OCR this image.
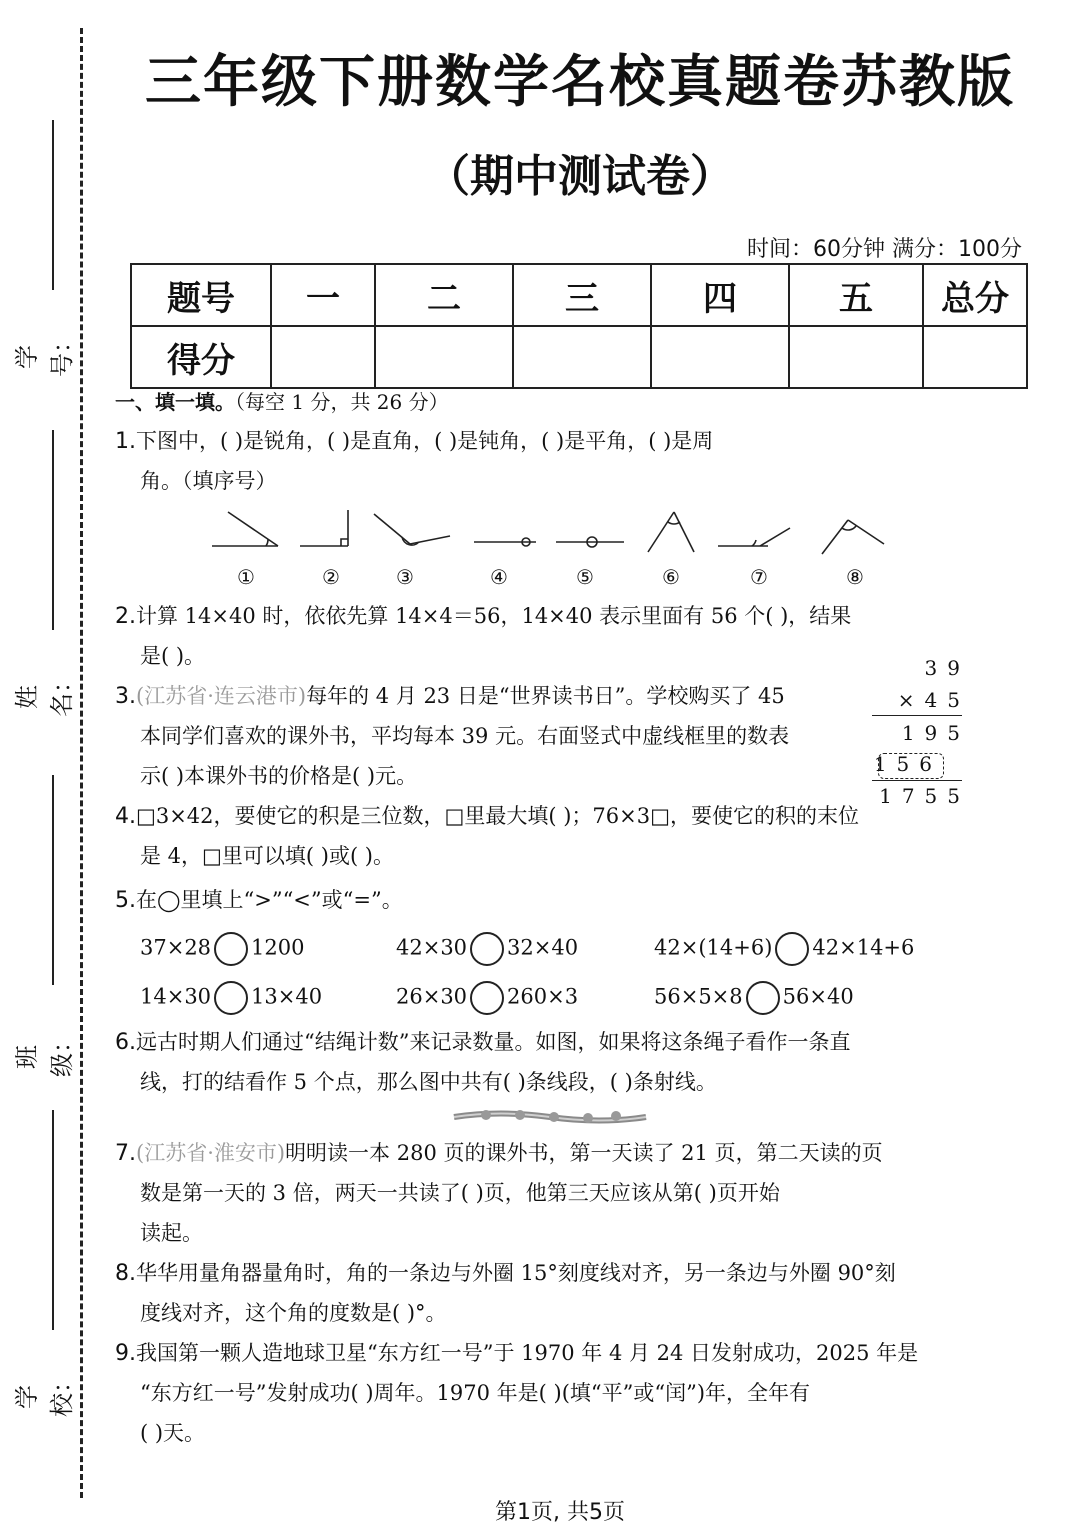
学号：
姓名：
班级：
学校：
三年级下册数学名校真题卷苏教版
（期中测试卷）
时间：60分钟 满分：100分
题号	一	二	三	四	五	总分
得分						
一、填一填。（每空 1 分，共 26 分）
1.下图中，( )是锐角，( )是直角，( )是钝角，( )是平角，( )是周
角。（填序号）
①	②	③	④	⑤	⑥	⑦	⑧
2.计算 14×40 时，依依先算 14×4＝56，14×40 表示里面有 56 个( )，结果
是( )。
3.(江苏省·连云港市)每年的 4 月 23 日是“世界读书日”。学校购买了 45
本同学们喜欢的课外书，平均每本 39 元。右面竖式中虚线框里的数表
示( )本课外书的价格是( )元。
39
×45
195
156
1755
4.□3×42，要使它的积是三位数，□里最大填( )；76×3□，要使它的积的末位
是 4，□里可以填( )或( )。
5.在◯里填上“>”“<”或“=”。
37×28 1200	42×30 32×40	42×(14+6) 42×14+6
14×30 13×40	26×30 260×3	56×5×8 56×40
6.远古时期人们通过“结绳计数”来记录数量。如图，如果将这条绳子看作一条直
线，打的结看作 5 个点，那么图中共有( )条线段，( )条射线。
7.(江苏省·淮安市)明明读一本 280 页的课外书，第一天读了 21 页，第二天读的页
数是第一天的 3 倍，两天一共读了( )页，他第三天应该从第( )页开始
读起。
8.华华用量角器量角时，角的一条边与外圈 15°刻度线对齐，另一条边与外圈 90°刻
度线对齐，这个角的度数是( )°。
9.我国第一颗人造地球卫星“东方红一号”于 1970 年 4 月 24 日发射成功，2025 年是
“东方红一号”发射成功( )周年。1970 年是( )(填“平”或“闰”)年，全年有
( )天。
第1页, 共5页
